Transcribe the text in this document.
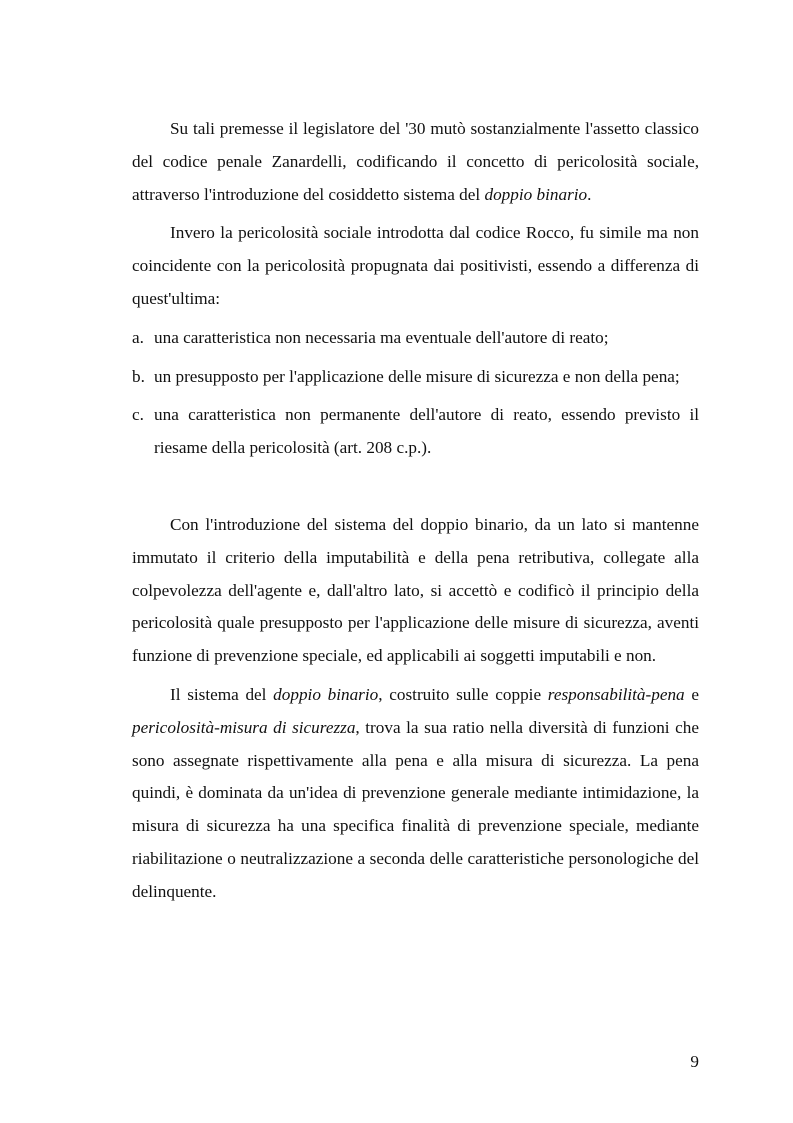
Su tali premesse il legislatore del '30 mutò sostanzialmente l'assetto classico del codice penale Zanardelli, codificando il concetto di pericolosità sociale, attraverso l'introduzione del cosiddetto sistema del doppio binario.

Invero la pericolosità sociale introdotta dal codice Rocco, fu simile ma non coincidente con la pericolosità propugnata dai positivisti, essendo a differenza di quest'ultima:

a. una caratteristica non necessaria ma eventuale dell'autore di reato;
b. un presupposto per l'applicazione delle misure di sicurezza e non della pena;
c. una caratteristica non permanente dell'autore di reato, essendo previsto il riesame della pericolosità (art. 208 c.p.).

Con l'introduzione del sistema del doppio binario, da un lato si mantenne immutato il criterio della imputabilità e della pena retributiva, collegate alla colpevolezza dell'agente e, dall'altro lato, si accettò e codificò il principio della pericolosità quale presupposto per l'applicazione delle misure di sicurezza, aventi funzione di prevenzione speciale, ed applicabili ai soggetti imputabili e non.

Il sistema del doppio binario, costruito sulle coppie responsabilità-pena e pericolosità-misura di sicurezza, trova la sua ratio nella diversità di funzioni che sono assegnate rispettivamente alla pena e alla misura di sicurezza. La pena quindi, è dominata da un'idea di prevenzione generale mediante intimidazione, la misura di sicurezza ha una specifica finalità di prevenzione speciale, mediante riabilitazione o neutralizzazione a seconda delle caratteristiche personologiche del delinquente.

9
